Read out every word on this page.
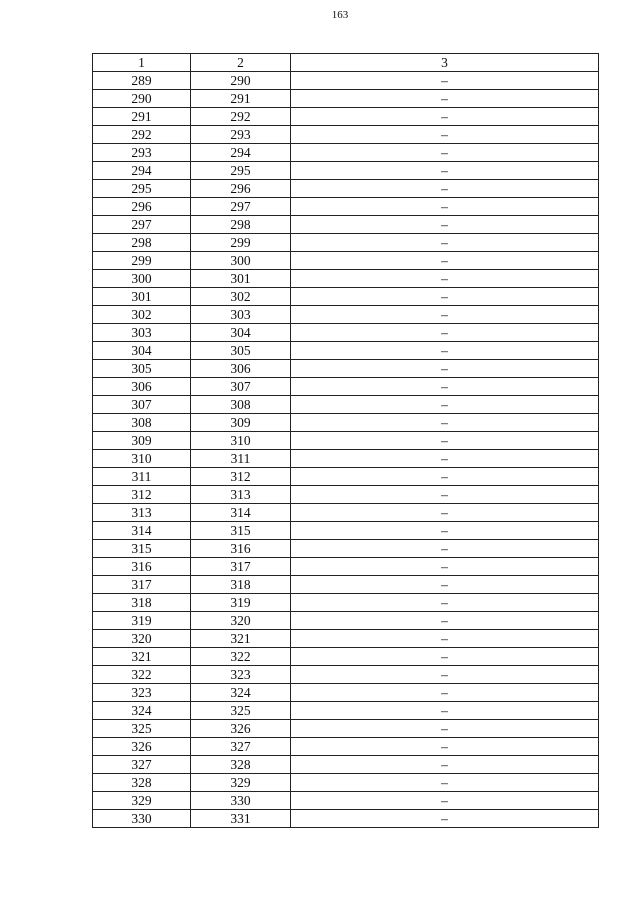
163
1	2	3
289	290	–
290	291	–
291	292	–
292	293	–
293	294	–
294	295	–
295	296	–
296	297	–
297	298	–
298	299	–
299	300	–
300	301	–
301	302	–
302	303	–
303	304	–
304	305	–
305	306	–
306	307	–
307	308	–
308	309	–
309	310	–
310	311	–
311	312	–
312	313	–
313	314	–
314	315	–
315	316	–
316	317	–
317	318	–
318	319	–
319	320	–
320	321	–
321	322	–
322	323	–
323	324	–
324	325	–
325	326	–
326	327	–
327	328	–
328	329	–
329	330	–
330	331	–
